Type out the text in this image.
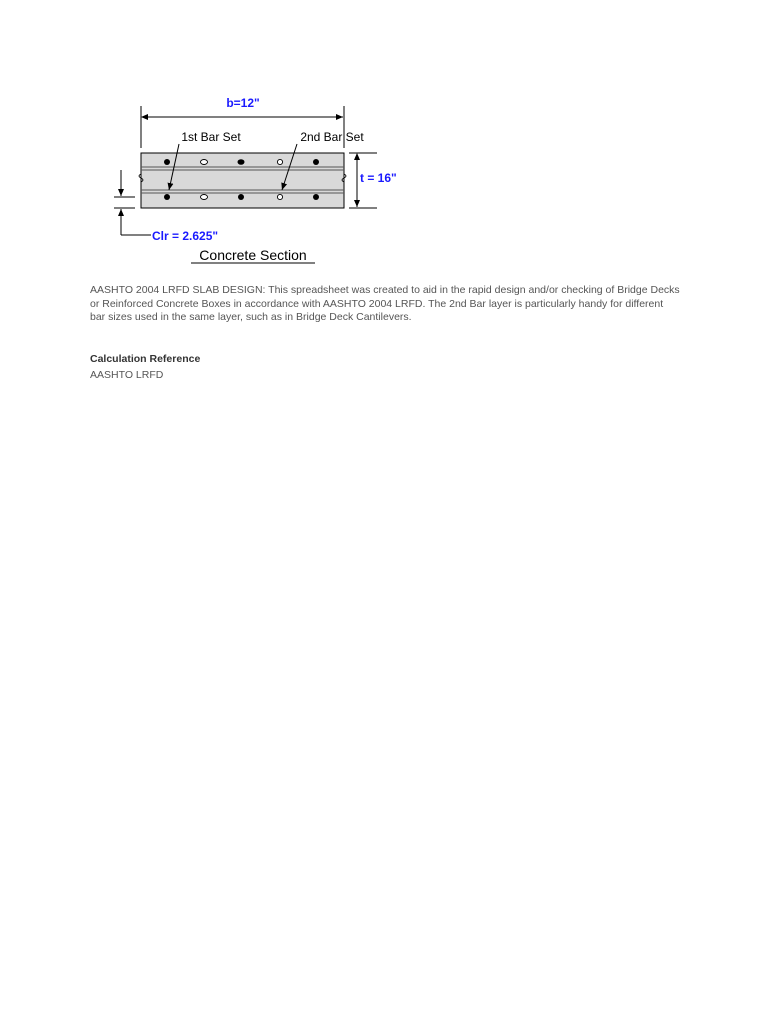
b=12"
1st Bar Set	2nd Bar Set
t = 16"
Clr = 2.625"
Concrete Section

AASHTO 2004 LRFD SLAB DESIGN: This spreadsheet was created to aid in the rapid design and/or checking of Bridge Decks or Reinforced Concrete Boxes in accordance with AASHTO 2004 LRFD. The 2nd Bar layer is particularly handy for different bar sizes used in the same layer, such as in Bridge Deck Cantilevers.

Calculation Reference

AASHTO LRFD
